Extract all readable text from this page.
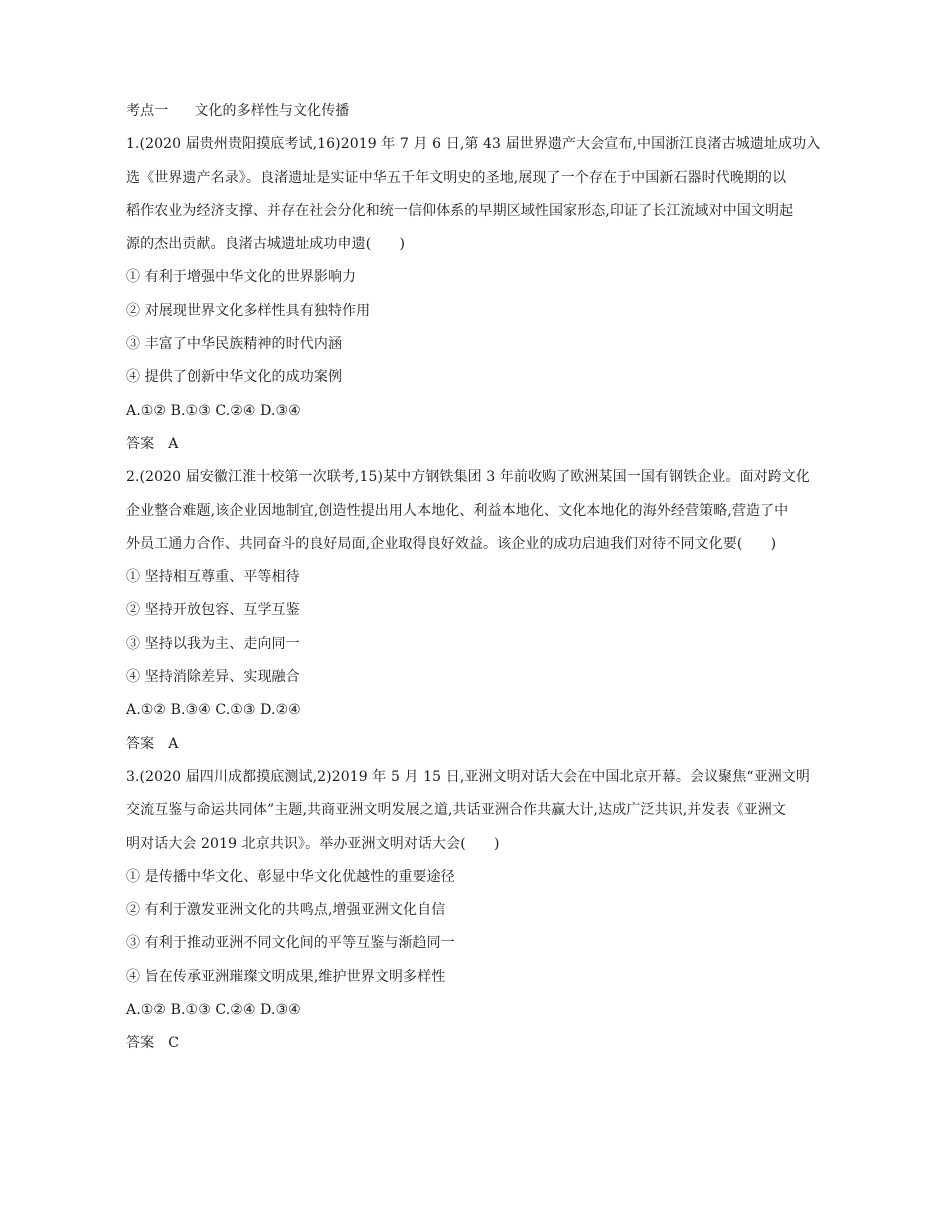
考点一 文化的多样性与文化传播
1.(2020 届贵州贵阳摸底考试,16)2019 年 7 月 6 日,第 43 届世界遗产大会宣布,中国浙江良渚古城遗址成功入
选《世界遗产名录》。良渚遗址是实证中华五千年文明史的圣地,展现了一个存在于中国新石器时代晚期的以
稻作农业为经济支撑、并存在社会分化和统一信仰体系的早期区域性国家形态,印证了长江流域对中国文明起
源的杰出贡献。良渚古城遗址成功申遗(　　)
① 有利于增强中华文化的世界影响力
② 对展现世界文化多样性具有独特作用
③ 丰富了中华民族精神的时代内涵
④ 提供了创新中华文化的成功案例
A.①② B.①③ C.②④ D.③④
答案 A
2.(2020 届安徽江淮十校第一次联考,15)某中方钢铁集团 3 年前收购了欧洲某国一国有钢铁企业。面对跨文化
企业整合难题,该企业因地制宜,创造性提出用人本地化、利益本地化、文化本地化的海外经营策略,营造了中
外员工通力合作、共同奋斗的良好局面,企业取得良好效益。该企业的成功启迪我们对待不同文化要(　　)
① 坚持相互尊重、平等相待
② 坚持开放包容、互学互鉴
③ 坚持以我为主、走向同一
④ 坚持消除差异、实现融合
A.①② B.③④ C.①③ D.②④
答案 A
3.(2020 届四川成都摸底测试,2)2019 年 5 月 15 日,亚洲文明对话大会在中国北京开幕。会议聚焦“亚洲文明
交流互鉴与命运共同体”主题,共商亚洲文明发展之道,共话亚洲合作共赢大计,达成广泛共识,并发表《亚洲文
明对话大会 2019 北京共识》。举办亚洲文明对话大会(　　)
① 是传播中华文化、彰显中华文化优越性的重要途径
② 有利于激发亚洲文化的共鸣点,增强亚洲文化自信
③ 有利于推动亚洲不同文化间的平等互鉴与渐趋同一
④ 旨在传承亚洲璀璨文明成果,维护世界文明多样性
A.①② B.①③ C.②④ D.③④
答案 C
